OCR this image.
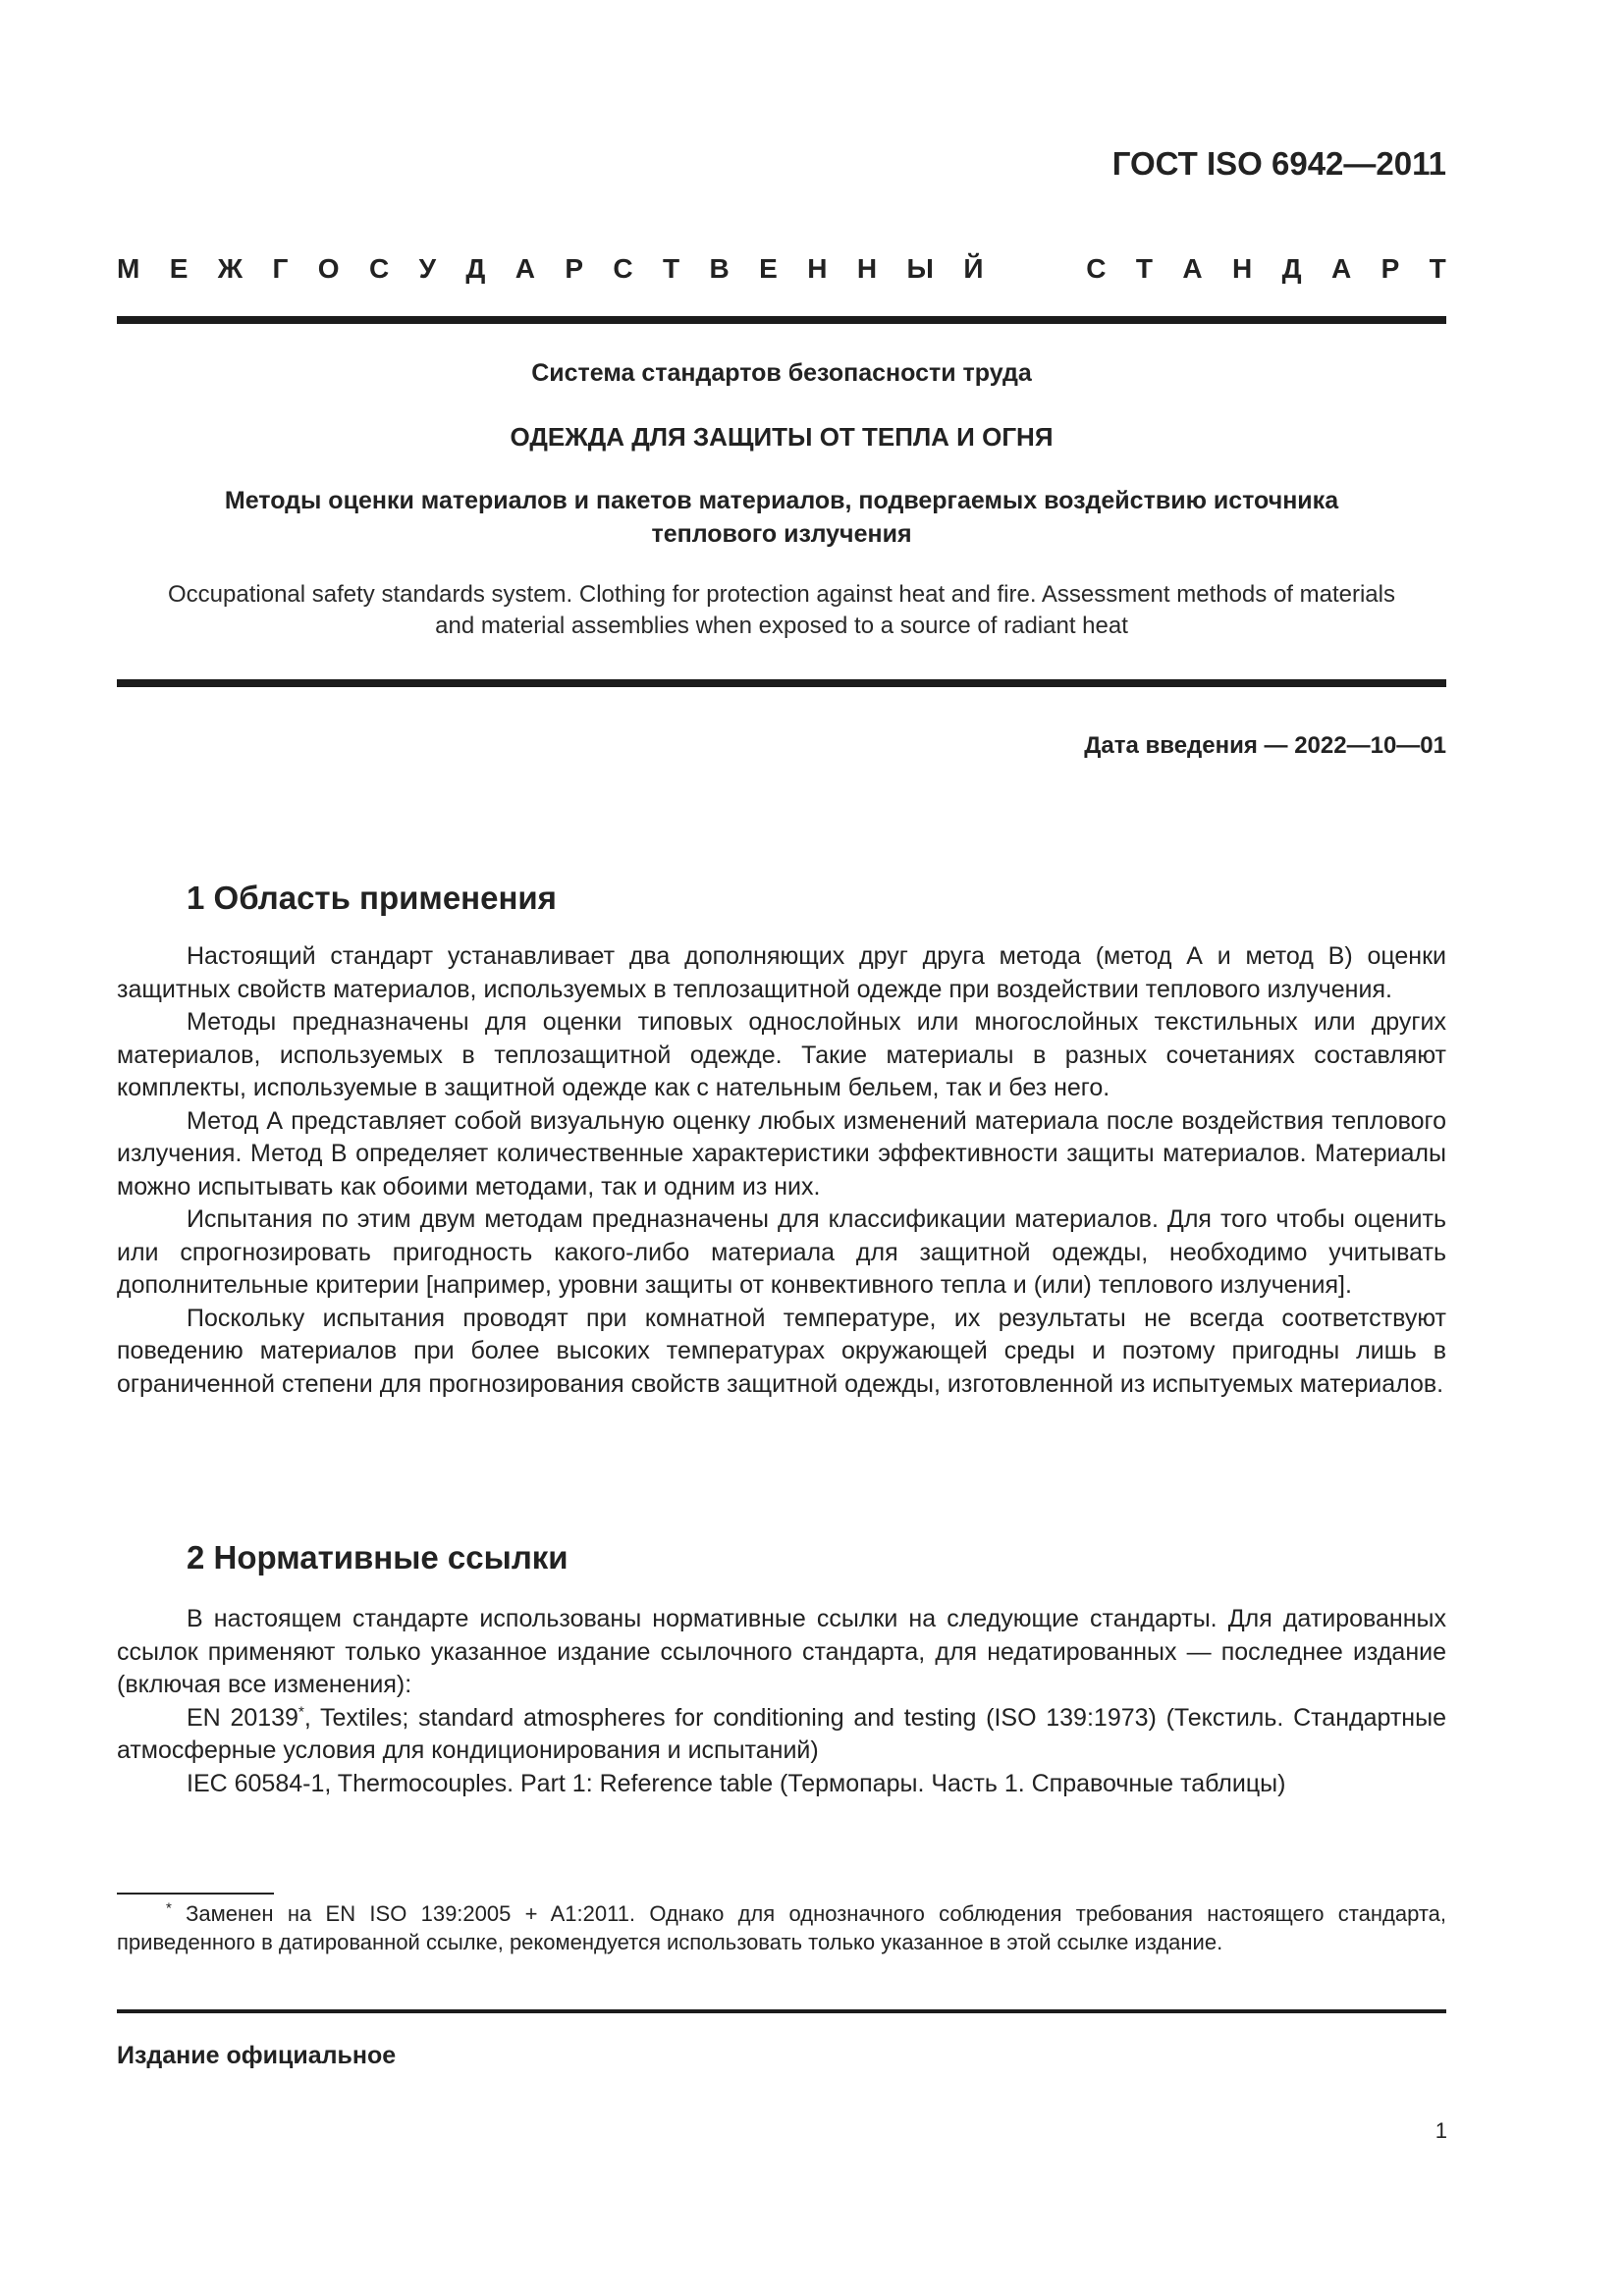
ГОСТ ISO 6942—2011

М Е Ж Г О С У Д А Р С Т В Е Н Н Ы Й	С Т А Н Д А Р Т

Система стандартов безопасности труда

ОДЕЖДА ДЛЯ ЗАЩИТЫ ОТ ТЕПЛА И ОГНЯ

Методы оценки материалов и пакетов материалов, подвергаемых воздействию источника
теплового излучения

Occupational safety standards system. Clothing for protection against heat and fire. Assessment methods of materials
and material assemblies when exposed to a source of radiant heat

Дата введения — 2022—10—01

1 Область применения

Настоящий стандарт устанавливает два дополняющих друг друга метода (метод А и метод В) оценки защитных свойств материалов, используемых в теплозащитной одежде при воздействии теплового излучения.

Методы предназначены для оценки типовых однослойных или многослойных текстильных или других материалов, используемых в теплозащитной одежде. Такие материалы в разных сочетаниях составляют комплекты, используемые в защитной одежде как с нательным бельем, так и без него.

Метод А представляет собой визуальную оценку любых изменений материала после воздействия теплового излучения. Метод В определяет количественные характеристики эффективности защиты материалов. Материалы можно испытывать как обоими методами, так и одним из них.

Испытания по этим двум методам предназначены для классификации материалов. Для того чтобы оценить или спрогнозировать пригодность какого-либо материала для защитной одежды, необходимо учитывать дополнительные критерии [например, уровни защиты от конвективного тепла и (или) теплового излучения].

Поскольку испытания проводят при комнатной температуре, их результаты не всегда соответствуют поведению материалов при более высоких температурах окружающей среды и поэтому пригодны лишь в ограниченной степени для прогнозирования свойств защитной одежды, изготовленной из испытуемых материалов.

2 Нормативные ссылки

В настоящем стандарте использованы нормативные ссылки на следующие стандарты. Для датированных ссылок применяют только указанное издание ссылочного стандарта, для недатированных — последнее издание (включая все изменения):

EN 20139*, Textiles; standard atmospheres for conditioning and testing (ISO 139:1973) (Текстиль. Стандартные атмосферные условия для кондиционирования и испытаний)

IEC 60584-1, Thermocouples. Part 1: Reference table (Термопары. Часть 1. Справочные таблицы)

* Заменен на EN ISO 139:2005 + A1:2011. Однако для однозначного соблюдения требования настоящего стандарта, приведенного в датированной ссылке, рекомендуется использовать только указанное в этой ссылке издание.

Издание официальное

1
